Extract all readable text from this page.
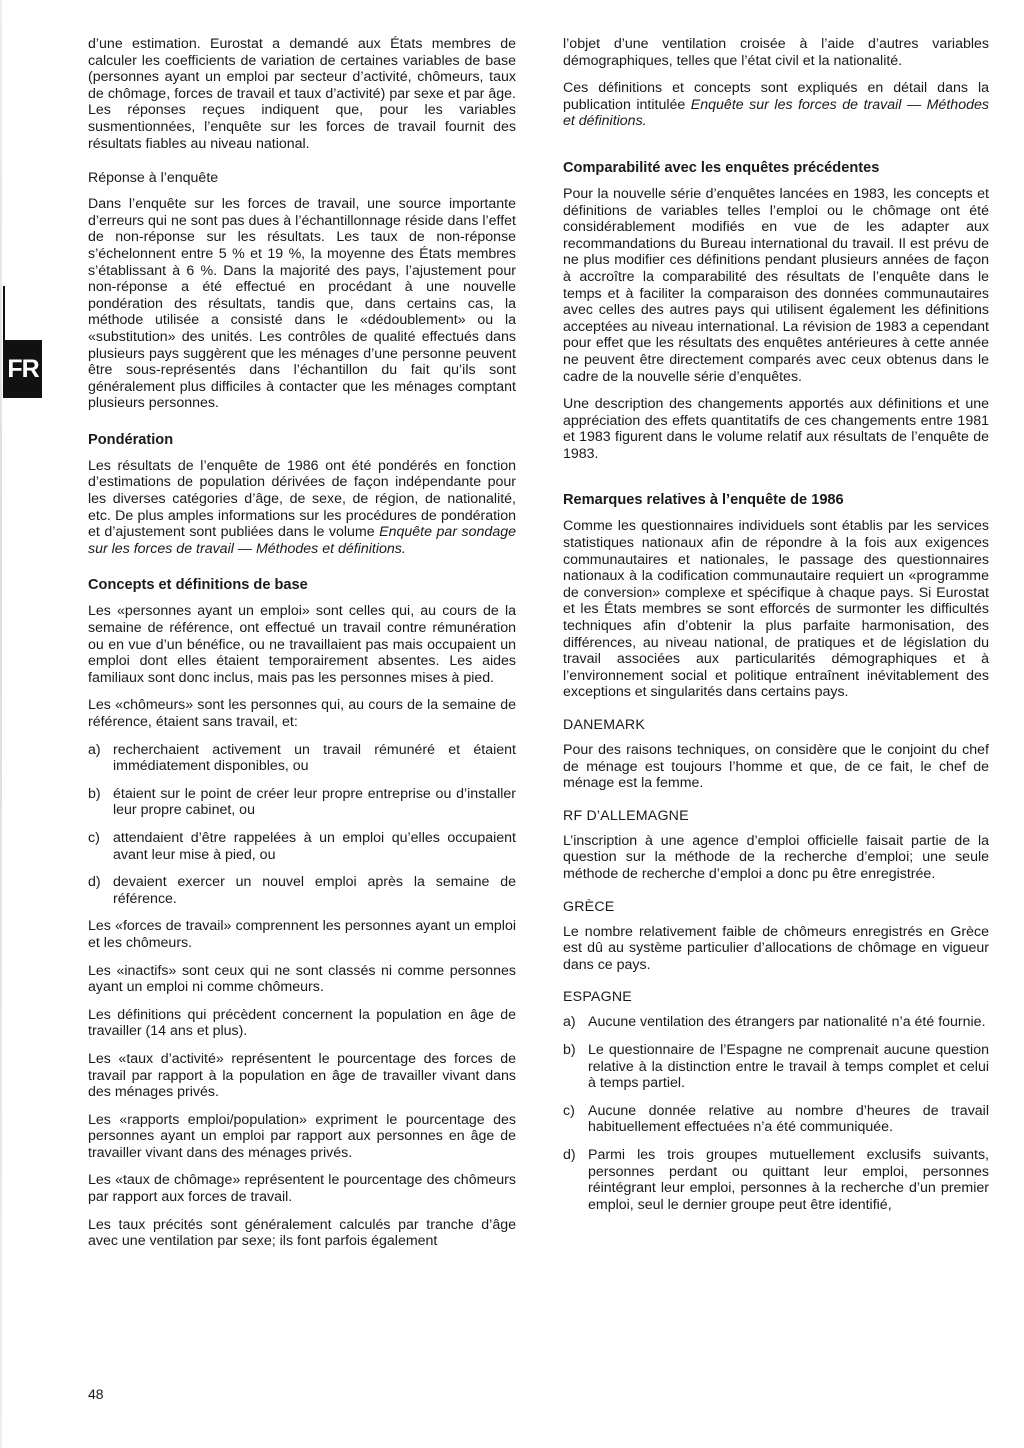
FR

d’une estimation. Eurostat a demandé aux États membres de calculer les coefficients de variation de certaines variables de base (personnes ayant un emploi par secteur d’activité, chômeurs, taux de chômage, forces de travail et taux d’activité) par sexe et par âge. Les réponses reçues indiquent que, pour les variables susmentionnées, l’enquête sur les forces de travail fournit des résultats fiables au niveau national.

Réponse à l’enquête

Dans l’enquête sur les forces de travail, une source importante d’erreurs qui ne sont pas dues à l’échantillonnage réside dans l’effet de non-réponse sur les résultats. Les taux de non-réponse s’échelonnent entre 5 % et 19 %, la moyenne des États membres s’établissant à 6 %. Dans la majorité des pays, l’ajustement pour non-réponse a été effectué en procédant à une nouvelle pondération des résultats, tandis que, dans certains cas, la méthode utilisée a consisté dans le «dédoublement» ou la «substitution» des unités. Les contrôles de qualité effectués dans plusieurs pays suggèrent que les ménages d’une personne peuvent être sous-représentés dans l’échantillon du fait qu’ils sont généralement plus difficiles à contacter que les ménages comptant plusieurs personnes.

Pondération

Les résultats de l’enquête de 1986 ont été pondérés en fonction d’estimations de population dérivées de façon indépendante pour les diverses catégories d’âge, de sexe, de région, de nationalité, etc. De plus amples informations sur les procédures de pondération et d’ajustement sont publiées dans le volume Enquête par sondage sur les forces de travail — Méthodes et définitions.

Concepts et définitions de base

Les «personnes ayant un emploi» sont celles qui, au cours de la semaine de référence, ont effectué un travail contre rémunération ou en vue d’un bénéfice, ou ne travaillaient pas mais occupaient un emploi dont elles étaient temporairement absentes. Les aides familiaux sont donc inclus, mais pas les personnes mises à pied.

Les «chômeurs» sont les personnes qui, au cours de la semaine de référence, étaient sans travail, et:

a) recherchaient activement un travail rémunéré et étaient immédiatement disponibles, ou
b) étaient sur le point de créer leur propre entreprise ou d’installer leur propre cabinet, ou
c) attendaient d’être rappelées à un emploi qu’elles occupaient avant leur mise à pied, ou
d) devaient exercer un nouvel emploi après la semaine de référence.

Les «forces de travail» comprennent les personnes ayant un emploi et les chômeurs.

Les «inactifs» sont ceux qui ne sont classés ni comme personnes ayant un emploi ni comme chômeurs.

Les définitions qui précèdent concernent la population en âge de travailler (14 ans et plus).

Les «taux d’activité» représentent le pourcentage des forces de travail par rapport à la population en âge de travailler vivant dans des ménages privés.

Les «rapports emploi/population» expriment le pourcentage des personnes ayant un emploi par rapport aux personnes en âge de travailler vivant dans des ménages privés.

Les «taux de chômage» représentent le pourcentage des chômeurs par rapport aux forces de travail.

Les taux précités sont généralement calculés par tranche d’âge avec une ventilation par sexe; ils font parfois également

l’objet d’une ventilation croisée à l’aide d’autres variables démographiques, telles que l’état civil et la nationalité.

Ces définitions et concepts sont expliqués en détail dans la publication intitulée Enquête sur les forces de travail — Méthodes et définitions.

Comparabilité avec les enquêtes précédentes

Pour la nouvelle série d’enquêtes lancées en 1983, les concepts et définitions de variables telles l’emploi ou le chômage ont été considérablement modifiés en vue de les adapter aux recommandations du Bureau international du travail. Il est prévu de ne plus modifier ces définitions pendant plusieurs années de façon à accroître la comparabilité des résultats de l’enquête dans le temps et à faciliter la comparaison des données communautaires avec celles des autres pays qui utilisent également les définitions acceptées au niveau international. La révision de 1983 a cependant pour effet que les résultats des enquêtes antérieures à cette année ne peuvent être directement comparés avec ceux obtenus dans le cadre de la nouvelle série d’enquêtes.

Une description des changements apportés aux définitions et une appréciation des effets quantitatifs de ces changements entre 1981 et 1983 figurent dans le volume relatif aux résultats de l’enquête de 1983.

Remarques relatives à l’enquête de 1986

Comme les questionnaires individuels sont établis par les services statistiques nationaux afin de répondre à la fois aux exigences communautaires et nationales, le passage des questionnaires nationaux à la codification communautaire requiert un «programme de conversion» complexe et spécifique à chaque pays. Si Eurostat et les États membres se sont efforcés de surmonter les difficultés techniques afin d’obtenir la plus parfaite harmonisation, des différences, au niveau national, de pratiques et de législation du travail associées aux particularités démographiques et à l’environnement social et politique entraînent inévitablement des exceptions et singularités dans certains pays.

DANEMARK

Pour des raisons techniques, on considère que le conjoint du chef de ménage est toujours l’homme et que, de ce fait, le chef de ménage est la femme.

RF D’ALLEMAGNE

L’inscription à une agence d’emploi officielle faisait partie de la question sur la méthode de la recherche d’emploi; une seule méthode de recherche d’emploi a donc pu être enregistrée.

GRÈCE

Le nombre relativement faible de chômeurs enregistrés en Grèce est dû au système particulier d’allocations de chômage en vigueur dans ce pays.

ESPAGNE
a) Aucune ventilation des étrangers par nationalité n’a été fournie.
b) Le questionnaire de l’Espagne ne comprenait aucune question relative à la distinction entre le travail à temps complet et celui à temps partiel.
c) Aucune donnée relative au nombre d’heures de travail habituellement effectuées n’a été communiquée.
d) Parmi les trois groupes mutuellement exclusifs suivants, personnes perdant ou quittant leur emploi, personnes réintégrant leur emploi, personnes à la recherche d’un premier emploi, seul le dernier groupe peut être identifié,
48
